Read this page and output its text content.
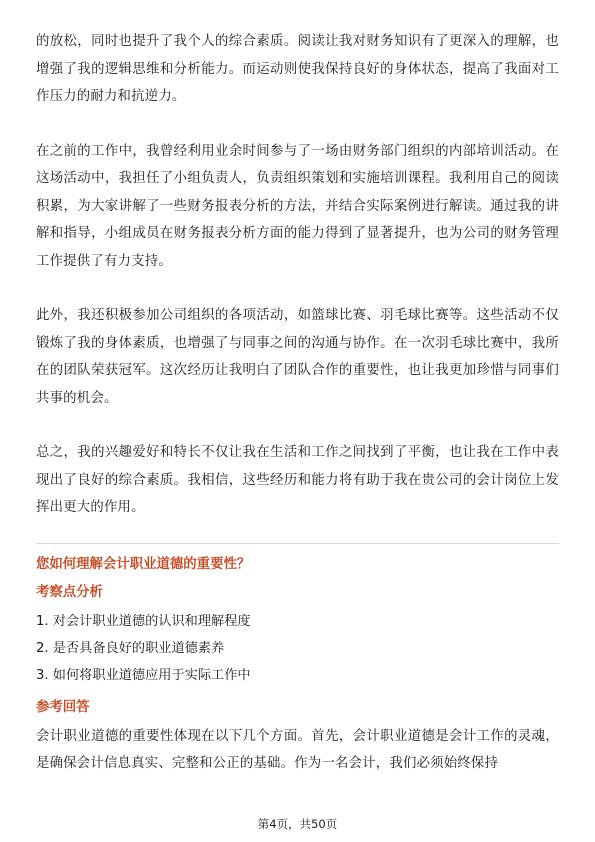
的放松，同时也提升了我个人的综合素质。阅读让我对财务知识有了更深入的理解，也增强了我的逻辑思维和分析能力。而运动则使我保持良好的身体状态，提高了我面对工作压力的耐力和抗逆力。

在之前的工作中，我曾经利用业余时间参与了一场由财务部门组织的内部培训活动。在这场活动中，我担任了小组负责人，负责组织策划和实施培训课程。我利用自己的阅读积累，为大家讲解了一些财务报表分析的方法，并结合实际案例进行解读。通过我的讲解和指导，小组成员在财务报表分析方面的能力得到了显著提升，也为公司的财务管理工作提供了有力支持。

此外，我还积极参加公司组织的各项活动，如篮球比赛、羽毛球比赛等。这些活动不仅锻炼了我的身体素质，也增强了与同事之间的沟通与协作。在一次羽毛球比赛中，我所在的团队荣获冠军。这次经历让我明白了团队合作的重要性，也让我更加珍惜与同事们共事的机会。

总之，我的兴趣爱好和特长不仅让我在生活和工作之间找到了平衡，也让我在工作中表现出了良好的综合素质。我相信，这些经历和能力将有助于我在贵公司的会计岗位上发挥出更大的作用。

您如何理解会计职业道德的重要性？
考察点分析

1. 对会计职业道德的认识和理解程度

2. 是否具备良好的职业道德素养

3. 如何将职业道德应用于实际工作中

参考回答

会计职业道德的重要性体现在以下几个方面。首先，会计职业道德是会计工作的灵魂，是确保会计信息真实、完整和公正的基础。作为一名会计，我们必须始终保持

第4页，共50页
